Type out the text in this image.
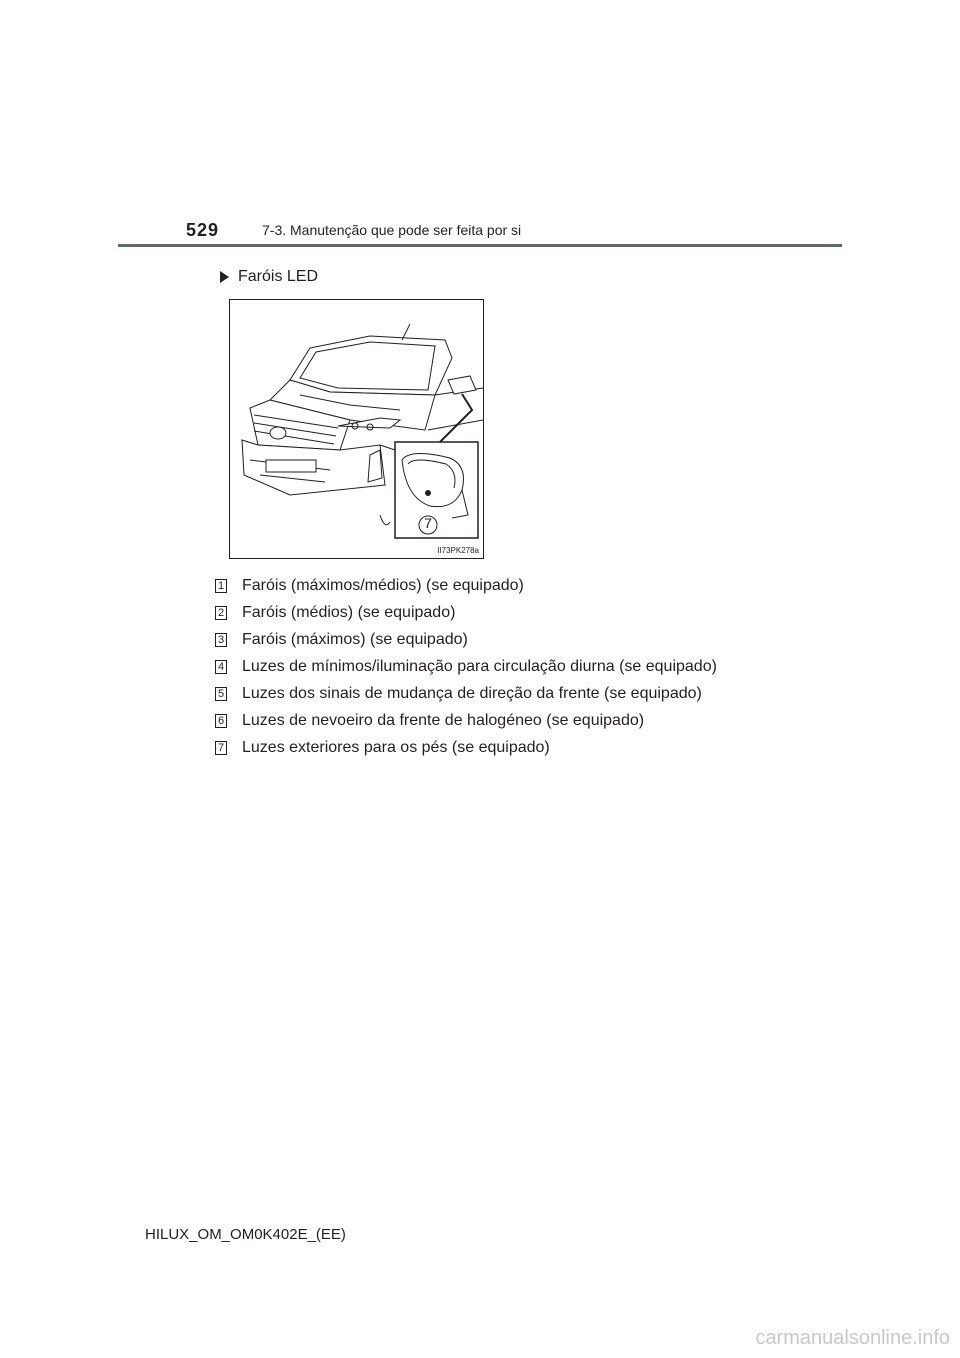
529	7-3. Manutenção que pode ser feita por si
Faróis LED
7
II73PK278a
1 Faróis (máximos/médios) (se equipado)
2 Faróis (médios) (se equipado)
3 Faróis (máximos) (se equipado)
4 Luzes de mínimos/iluminação para circulação diurna (se equipado)
5 Luzes dos sinais de mudança de direção da frente (se equipado)
6 Luzes de nevoeiro da frente de halogéneo (se equipado)
7 Luzes exteriores para os pés (se equipado)
HILUX_OM_OM0K402E_(EE)
carmanualsonline.info
